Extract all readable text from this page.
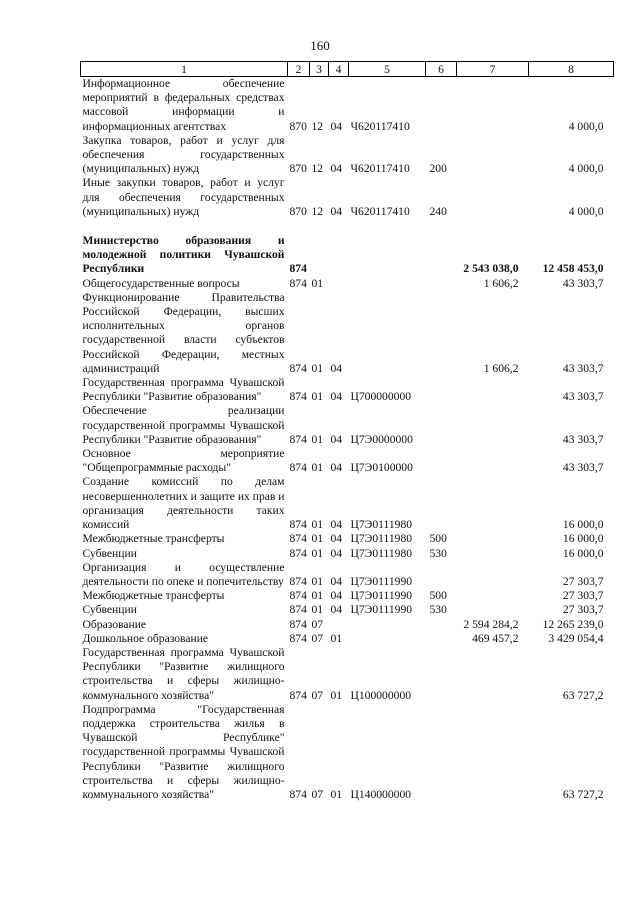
160
1	2	3	4	5	6	7	8
Информационное обеспечение мероприятий в федеральных средствах массовой информации и информационных агентствах	870	12	04	Ч620117410			4 000,0
Закупка товаров, работ и услуг для обеспечения государственных (муниципальных) нужд	870	12	04	Ч620117410	200		4 000,0
Иные закупки товаров, работ и услуг для обеспечения государственных (муниципальных) нужд	870	12	04	Ч620117410	240		4 000,0

Министерство образования и молодежной политики Чувашской Республики	874					2 543 038,0	12 458 453,0
Общегосударственные вопросы	874	01				1 606,2	43 303,7
Функционирование Правительства Российской Федерации, высших исполнительных органов государственной власти субъектов Российской Федерации, местных администраций	874	01	04			1 606,2	43 303,7
Государственная программа Чувашской Республики "Развитие образования"	874	01	04	Ц700000000			43 303,7
Обеспечение реализации государственной программы Чувашской Республики "Развитие образования"	874	01	04	Ц7Э0000000			43 303,7
Основное мероприятие "Общепрограммные расходы"	874	01	04	Ц7Э0100000			43 303,7
Создание комиссий по делам несовершеннолетних и защите их прав и организация деятельности таких комиссий	874	01	04	Ц7Э0111980			16 000,0
Межбюджетные трансферты	874	01	04	Ц7Э0111980	500		16 000,0
Субвенции	874	01	04	Ц7Э0111980	530		16 000,0
Организация и осуществление деятельности по опеке и попечительству	874	01	04	Ц7Э0111990			27 303,7
Межбюджетные трансферты	874	01	04	Ц7Э0111990	500		27 303,7
Субвенции	874	01	04	Ц7Э0111990	530		27 303,7
Образование	874	07				2 594 284,2	12 265 239,0
Дошкольное образование	874	07	01			469 457,2	3 429 054,4
Государственная программа Чувашской Республики "Развитие жилищного строительства и сферы жилищно-коммунального хозяйства"	874	07	01	Ц100000000			63 727,2
Подпрограмма "Государственная поддержка строительства жилья в Чувашской Республике" государственной программы Чувашской Республики "Развитие жилищного строительства и сферы жилищно-коммунального хозяйства"	874	07	01	Ц140000000			63 727,2
